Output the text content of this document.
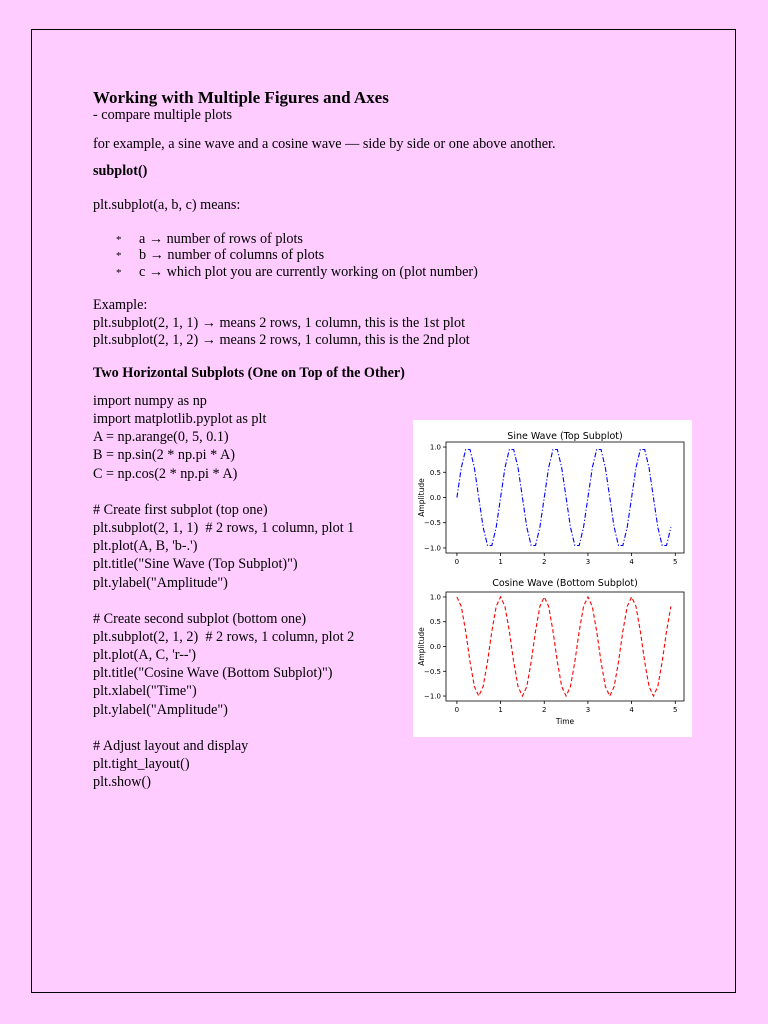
Working with Multiple Figures and Axes
- compare multiple plots
for example, a sine wave and a cosine wave — side by side or one above another.
subplot()
plt.subplot(a, b, c) means:
* a → number of rows of plots
* b → number of columns of plots
* c → which plot you are currently working on (plot number)
Example:
plt.subplot(2, 1, 1) → means 2 rows, 1 column, this is the 1st plot
plt.subplot(2, 1, 2) → means 2 rows, 1 column, this is the 2nd plot
Two Horizontal Subplots (One on Top of the Other)
import numpy as np
import matplotlib.pyplot as plt
A = np.arange(0, 5, 0.1)
B = np.sin(2 * np.pi * A)
C = np.cos(2 * np.pi * A)
# Create first subplot (top one)
plt.subplot(2, 1, 1)  # 2 rows, 1 column, plot 1
plt.plot(A, B, 'b-.')
plt.title("Sine Wave (Top Subplot)")
plt.ylabel("Amplitude")
# Create second subplot (bottom one)
plt.subplot(2, 1, 2)  # 2 rows, 1 column, plot 2
plt.plot(A, C, 'r--')
plt.title("Cosine Wave (Bottom Subplot)")
plt.xlabel("Time")
plt.ylabel("Amplitude")
# Adjust layout and display
plt.tight_layout()
plt.show()
Sine Wave (Top Subplot)
0	1	2	3	4	5
1.0
0.5
0.0
−0.5
−1.0
Amplitude
Cosine Wave (Bottom Subplot)
0	1	2	3	4	5
1.0
0.5
0.0
−0.5
−1.0
Amplitude
Time
